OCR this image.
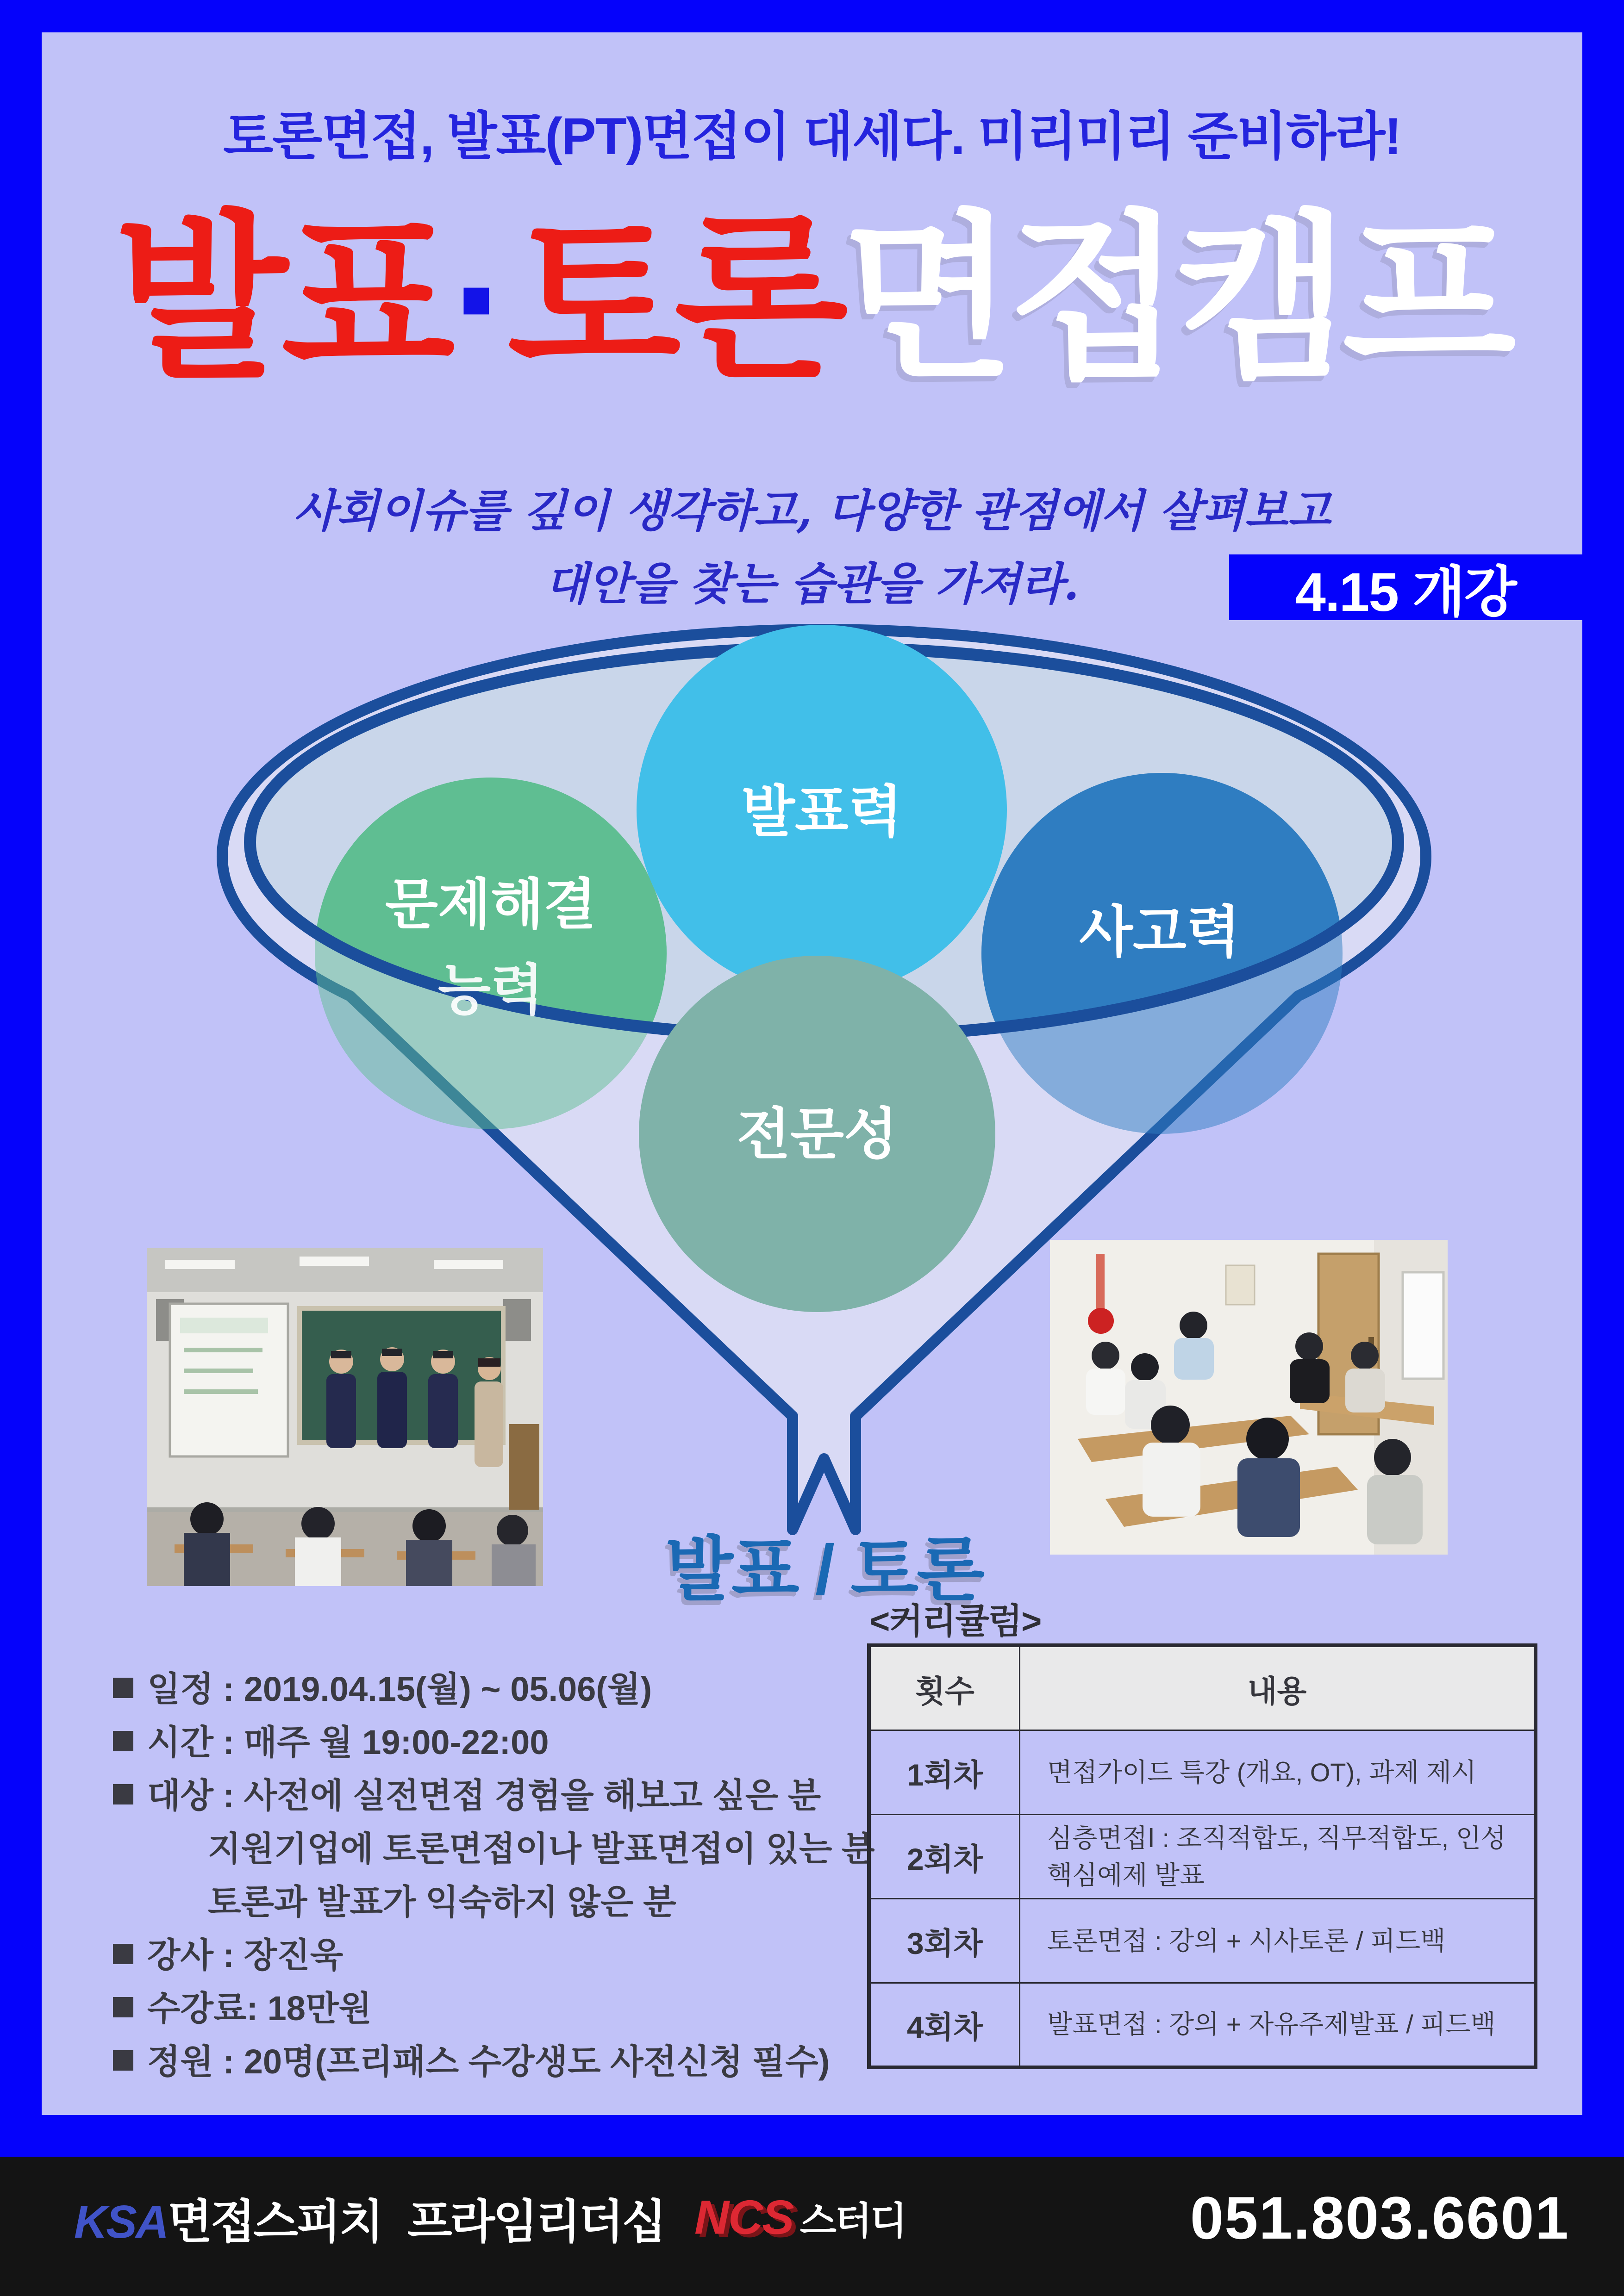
토론면접, 발표(PT)면접이 대세다. 미리미리 준비하라!
발표·토론면접캠프
사회이슈를 깊이 생각하고, 다양한 관점에서 살펴보고
대안을 찾는 습관을 가져라.	4.15 개강
발표력
문제해결
능력
사고력
전문성
발표 / 토론
일정 : 2019.04.15(월) ~ 05.06(월)
시간 : 매주 월 19:00-22:00
대상 : 사전에 실전면접 경험을 해보고 싶은 분
지원기업에 토론면접이나 발표면접이 있는 분
토론과 발표가 익숙하지 않은 분
강사 : 장진욱
수강료: 18만원
정원 : 20명(프리패스 수강생도 사전신청 필수)
<커리큘럼>
횟수	내용
1회차	면접가이드 특강 (개요, OT), 과제 제시
2회차	심층면접Ⅰ : 조직적합도, 직무적합도, 인성 핵심예제 발표
3회차	토론면접 : 강의 + 시사토론 / 피드백
4회차	발표면접 : 강의 + 자유주제발표 / 피드백
KSA면접스피치 프라임리더십 NCS 스터디	051.803.6601
